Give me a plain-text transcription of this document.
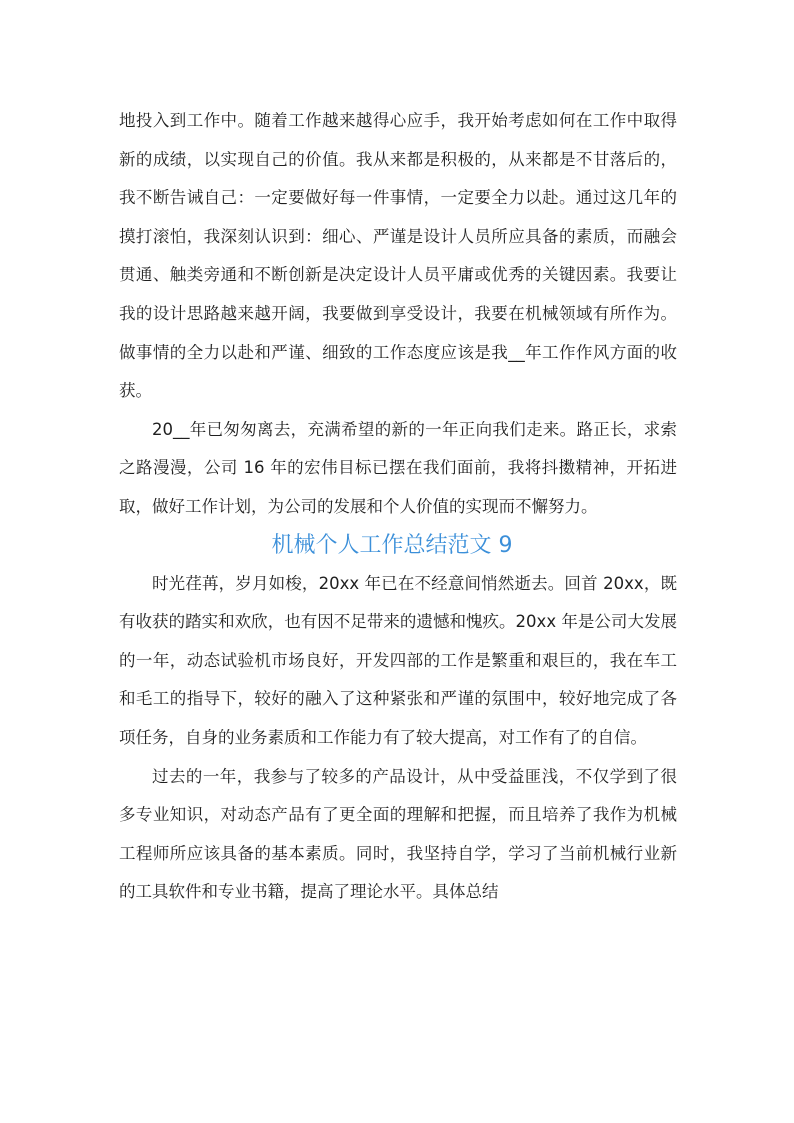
地投入到工作中。随着工作越来越得心应手，我开始考虑如何在工作中取得新的成绩，以实现自己的价值。我从来都是积极的，从来都是不甘落后的，我不断告诫自己：一定要做好每一件事情，一定要全力以赴。通过这几年的摸打滚怕，我深刻认识到：细心、严谨是设计人员所应具备的素质，而融会贯通、触类旁通和不断创新是决定设计人员平庸或优秀的关键因素。我要让我的设计思路越来越开阔，我要做到享受设计，我要在机械领域有所作为。做事情的全力以赴和严谨、细致的工作态度应该是我__年工作作风方面的收获。

20__年已匆匆离去，充满希望的新的一年正向我们走来。路正长，求索之路漫漫，公司 16 年的宏伟目标已摆在我们面前，我将抖擞精神，开拓进取，做好工作计划，为公司的发展和个人价值的实现而不懈努力。

机械个人工作总结范文 9

时光荏苒，岁月如梭，20xx 年已在不经意间悄然逝去。回首 20xx，既有收获的踏实和欢欣，也有因不足带来的遗憾和愧疚。20xx 年是公司大发展的一年，动态试验机市场良好，开发四部的工作是繁重和艰巨的，我在车工和毛工的指导下，较好的融入了这种紧张和严谨的氛围中，较好地完成了各项任务，自身的业务素质和工作能力有了较大提高，对工作有了的自信。

过去的一年，我参与了较多的产品设计，从中受益匪浅，不仅学到了很多专业知识，对动态产品有了更全面的理解和把握，而且培养了我作为机械工程师所应该具备的基本素质。同时，我坚持自学，学习了当前机械行业新的工具软件和专业书籍，提高了理论水平。具体总结
